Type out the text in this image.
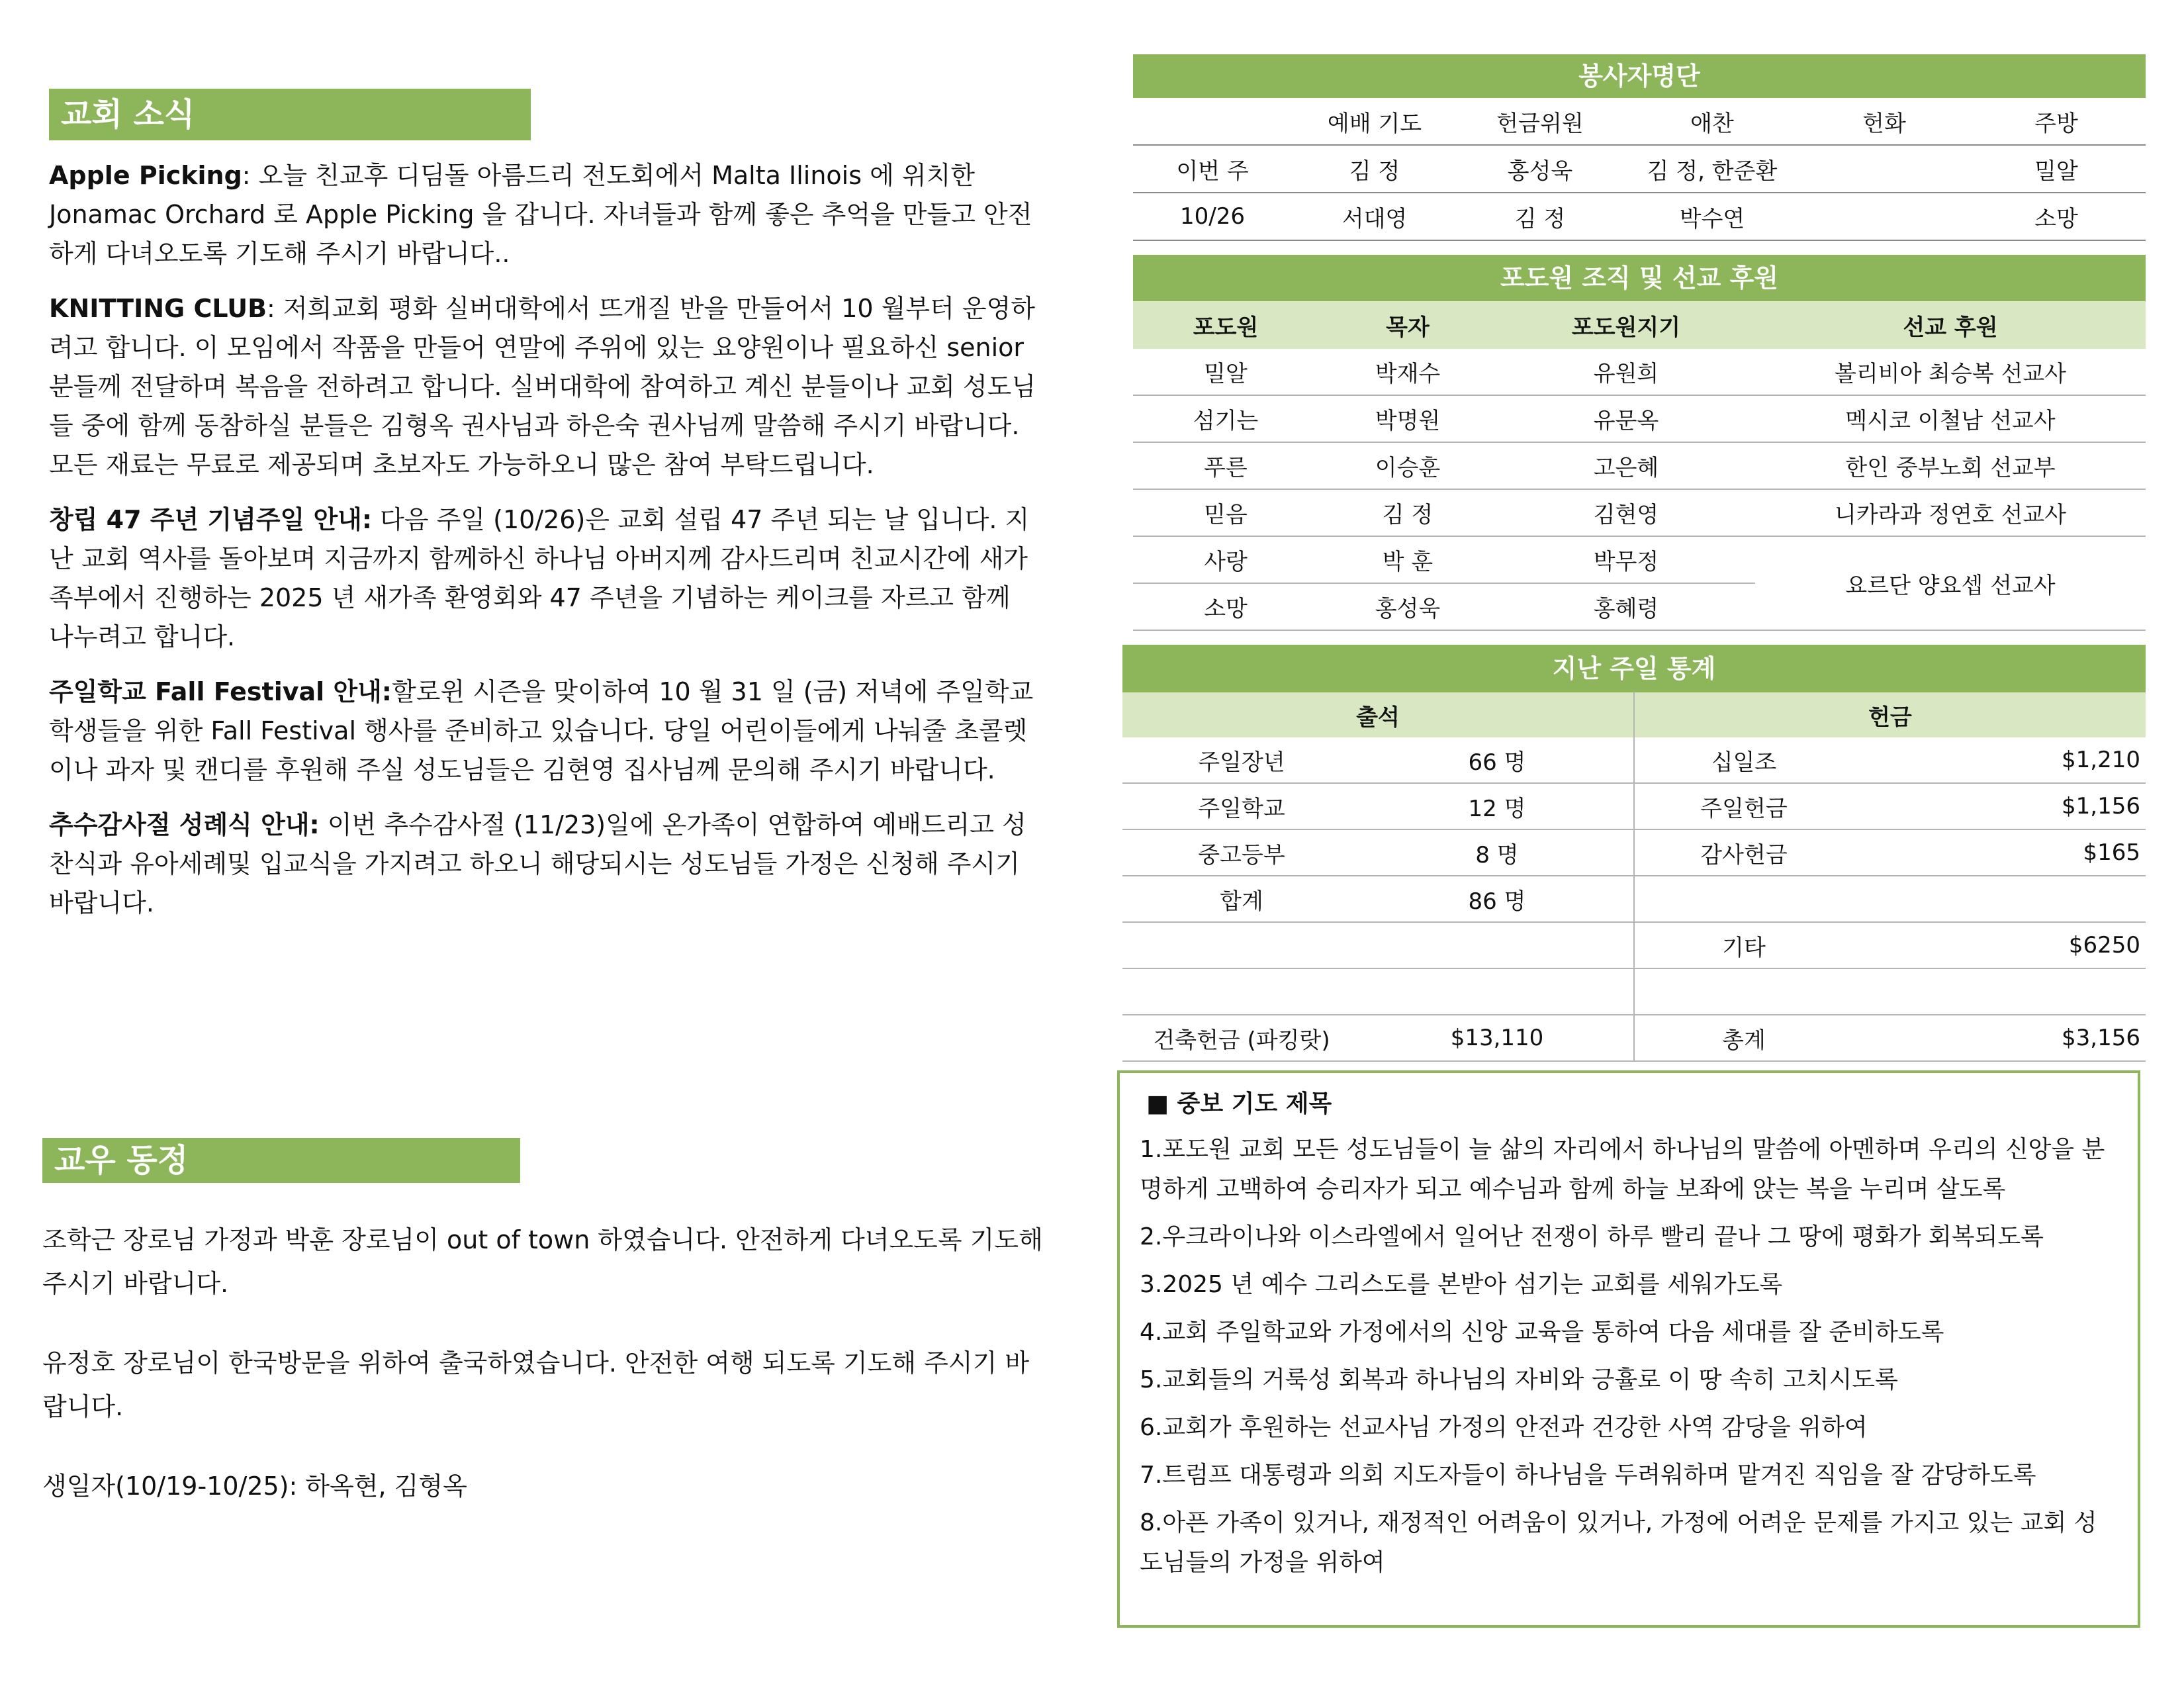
교회 소식

Apple Picking: 오늘 친교후 디딤돌 아름드리 전도회에서 Malta Ilinois 에 위치한 Jonamac Orchard 로 Apple Picking 을 갑니다. 자녀들과 함께 좋은 추억을 만들고 안전하게 다녀오도록 기도해 주시기 바랍니다..

KNITTING CLUB: 저희교회 평화 실버대학에서 뜨개질 반을 만들어서 10 월부터 운영하려고 합니다. 이 모임에서 작품을 만들어 연말에 주위에 있는 요양원이나 필요하신 senior 분들께 전달하며 복음을 전하려고 합니다. 실버대학에 참여하고 계신 분들이나 교회 성도님들 중에 함께 동참하실 분들은 김형옥 권사님과 하은숙 권사님께 말씀해 주시기 바랍니다. 모든 재료는 무료로 제공되며 초보자도 가능하오니 많은 참여 부탁드립니다.

창립 47 주년 기념주일 안내: 다음 주일 (10/26)은 교회 설립 47 주년 되는 날 입니다. 지난 교회 역사를 돌아보며 지금까지 함께하신 하나님 아버지께 감사드리며 친교시간에 새가족부에서 진행하는 2025 년 새가족 환영회와 47 주년을 기념하는 케이크를 자르고 함께 나누려고 합니다.

주일학교 Fall Festival 안내:할로윈 시즌을 맞이하여 10 월 31 일 (금) 저녁에 주일학교 학생들을 위한 Fall Festival 행사를 준비하고 있습니다. 당일 어린이들에게 나눠줄 초콜렛이나 과자 및 캔디를 후원해 주실 성도님들은 김현영 집사님께 문의해 주시기 바랍니다.

추수감사절 성례식 안내: 이번 추수감사절 (11/23)일에 온가족이 연합하여 예배드리고 성찬식과 유아세례및 입교식을 가지려고 하오니 해당되시는 성도님들 가정은 신청해 주시기 바랍니다.

교우 동정
조학근 장로님 가정과 박훈 장로님이 out of town 하였습니다. 안전하게 다녀오도록 기도해 주시기 바랍니다.
유정호 장로님이 한국방문을 위하여 출국하였습니다. 안전한 여행 되도록 기도해 주시기 바랍니다.
생일자(10/19-10/25): 하옥현, 김형옥
봉사자명단
	예배 기도	헌금위원	애찬	헌화	주방
이번 주	김 정	홍성욱	김 정, 한준환		밀알
10/26	서대영	김 정	박수연		소망
포도원 조직 및 선교 후원
포도원	목자	포도원지기	선교 후원
밀알	박재수	유원희	볼리비아 최승복 선교사
섬기는	박명원	유문옥	멕시코 이철남 선교사
푸른	이승훈	고은혜	한인 중부노회 선교부
믿음	김 정	김현영	니카라과 정연호 선교사
사랑	박 훈	박무정	요르단 양요셉 선교사
소망	홍성욱	홍혜령	
지난 주일 통계
출석		헌금	
주일장년	66 명	십일조	$1,210
주일학교	12 명	주일헌금	$1,156
중고등부	8 명	감사헌금	$165
합계	86 명		
		기타	$6250

건축헌금 (파킹랏)	$13,110	총계	$3,156
■ 중보 기도 제목
1.포도원 교회 모든 성도님들이 늘 삶의 자리에서 하나님의 말씀에 아멘하며 우리의 신앙을 분명하게 고백하여 승리자가 되고 예수님과 함께 하늘 보좌에 앉는 복을 누리며 살도록
2.우크라이나와 이스라엘에서 일어난 전쟁이 하루 빨리 끝나 그 땅에 평화가 회복되도록
3.2025 년 예수 그리스도를 본받아 섬기는 교회를 세워가도록
4.교회 주일학교와 가정에서의 신앙 교육을 통하여 다음 세대를 잘 준비하도록
5.교회들의 거룩성 회복과 하나님의 자비와 긍휼로 이 땅 속히 고치시도록
6.교회가 후원하는 선교사님 가정의 안전과 건강한 사역 감당을 위하여
7.트럼프 대통령과 의회 지도자들이 하나님을 두려워하며 맡겨진 직임을 잘 감당하도록
8.아픈 가족이 있거나, 재정적인 어려움이 있거나, 가정에 어려운 문제를 가지고 있는 교회 성도님들의 가정을 위하여
